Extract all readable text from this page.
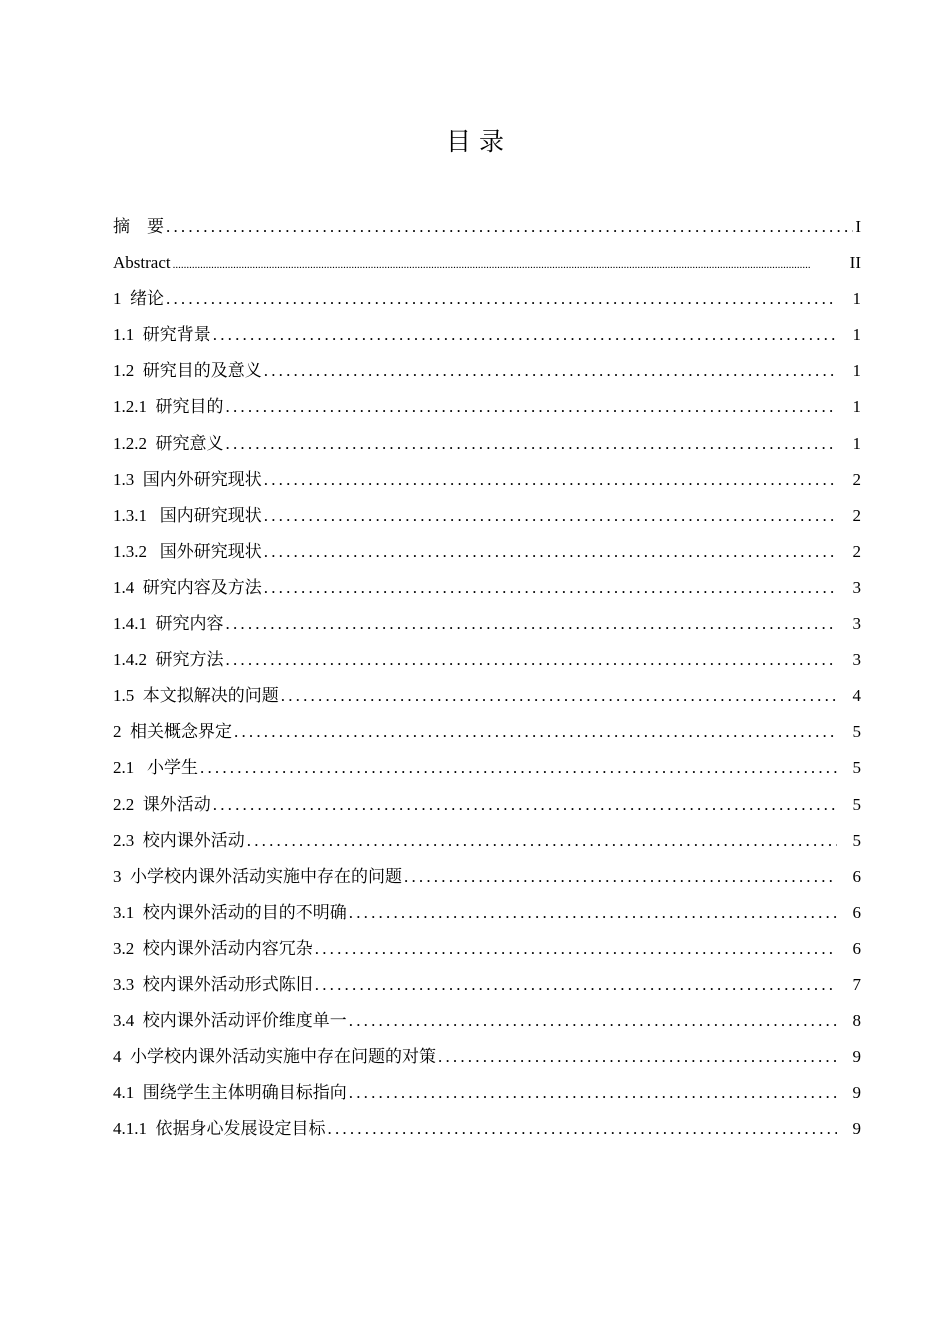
目 录
摘    要 .....	I
Abstract .....	II
1  绪论 .....	1
1.1  研究背景 .....	1
1.2  研究目的及意义 .....	1
1.2.1  研究目的 .....	1
1.2.2  研究意义 .....	1
1.3  国内外研究现状 .....	2
1.3.1   国内研究现状 .....	2
1.3.2   国外研究现状 .....	2
1.4  研究内容及方法 .....	3
1.4.1  研究内容 .....	3
1.4.2  研究方法 .....	3
1.5  本文拟解决的问题 .....	4
2  相关概念界定 .....	5
2.1   小学生 .....	5
2.2  课外活动 .....	5
2.3  校内课外活动 .....	5
3  小学校内课外活动实施中存在的问题 .....	6
3.1  校内课外活动的目的不明确 .....	6
3.2  校内课外活动内容冗杂 .....	6
3.3  校内课外活动形式陈旧 .....	7
3.4  校内课外活动评价维度单一 .....	8
4  小学校内课外活动实施中存在问题的对策 .....	9
4.1  围绕学生主体明确目标指向 .....	9
4.1.1  依据身心发展设定目标 .....	9
